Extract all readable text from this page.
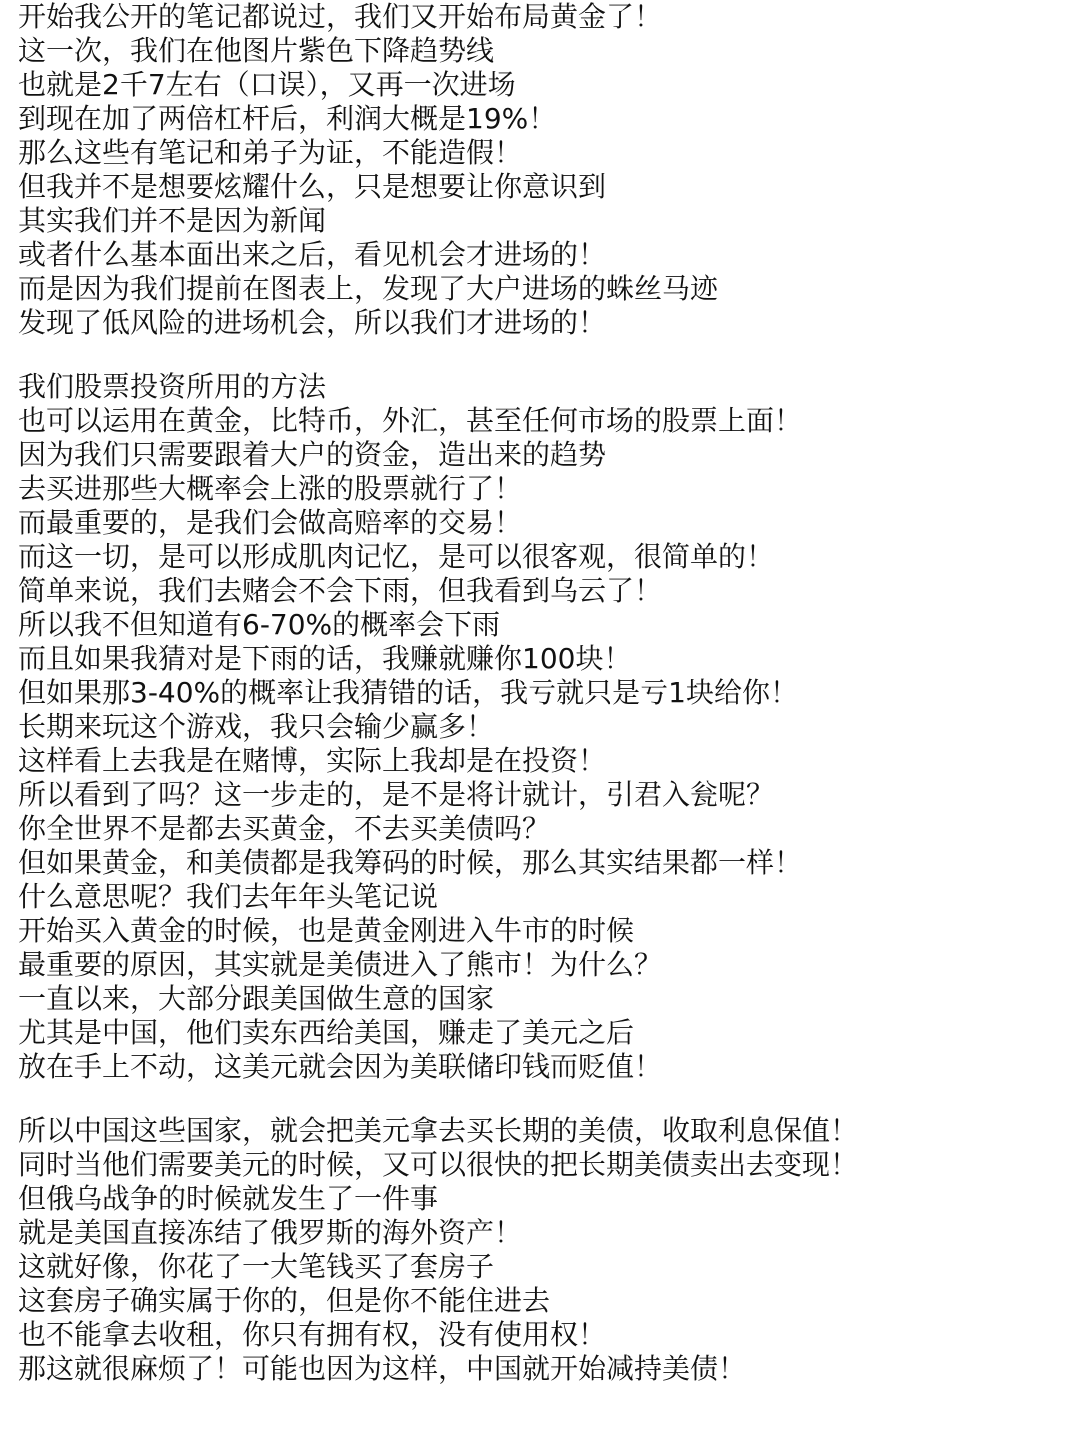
开始我公开的笔记都说过，我们又开始布局黄金了！
这一次，我们在他图片紫色下降趋势线
也就是2千7左右（口误），又再一次进场
到现在加了两倍杠杆后，利润大概是19%！
那么这些有笔记和弟子为证，不能造假！
但我并不是想要炫耀什么，只是想要让你意识到
其实我们并不是因为新闻
或者什么基本面出来之后，看见机会才进场的！
而是因为我们提前在图表上，发现了大户进场的蛛丝马迹
发现了低风险的进场机会，所以我们才进场的！
我们股票投资所用的方法
也可以运用在黄金，比特币，外汇，甚至任何市场的股票上面！
因为我们只需要跟着大户的资金，造出来的趋势
去买进那些大概率会上涨的股票就行了！
而最重要的，是我们会做高赔率的交易！
而这一切，是可以形成肌肉记忆，是可以很客观，很简单的！
简单来说，我们去赌会不会下雨，但我看到乌云了！
所以我不但知道有6-70%的概率会下雨
而且如果我猜对是下雨的话，我赚就赚你100块！
但如果那3-40%的概率让我猜错的话，我亏就只是亏1块给你！
长期来玩这个游戏，我只会输少赢多！
这样看上去我是在赌博，实际上我却是在投资！
所以看到了吗？这一步走的，是不是将计就计，引君入瓮呢？
你全世界不是都去买黄金，不去买美债吗？
但如果黄金，和美债都是我筹码的时候，那么其实结果都一样！
什么意思呢？我们去年年头笔记说
开始买入黄金的时候，也是黄金刚进入牛市的时候
最重要的原因，其实就是美债进入了熊市！为什么？
一直以来，大部分跟美国做生意的国家
尤其是中国，他们卖东西给美国，赚走了美元之后
放在手上不动，这美元就会因为美联储印钱而贬值！
所以中国这些国家，就会把美元拿去买长期的美债，收取利息保值！
同时当他们需要美元的时候，又可以很快的把长期美债卖出去变现！
但俄乌战争的时候就发生了一件事
就是美国直接冻结了俄罗斯的海外资产！
这就好像，你花了一大笔钱买了套房子
这套房子确实属于你的，但是你不能住进去
也不能拿去收租，你只有拥有权，没有使用权！
那这就很麻烦了！可能也因为这样，中国就开始减持美债！
